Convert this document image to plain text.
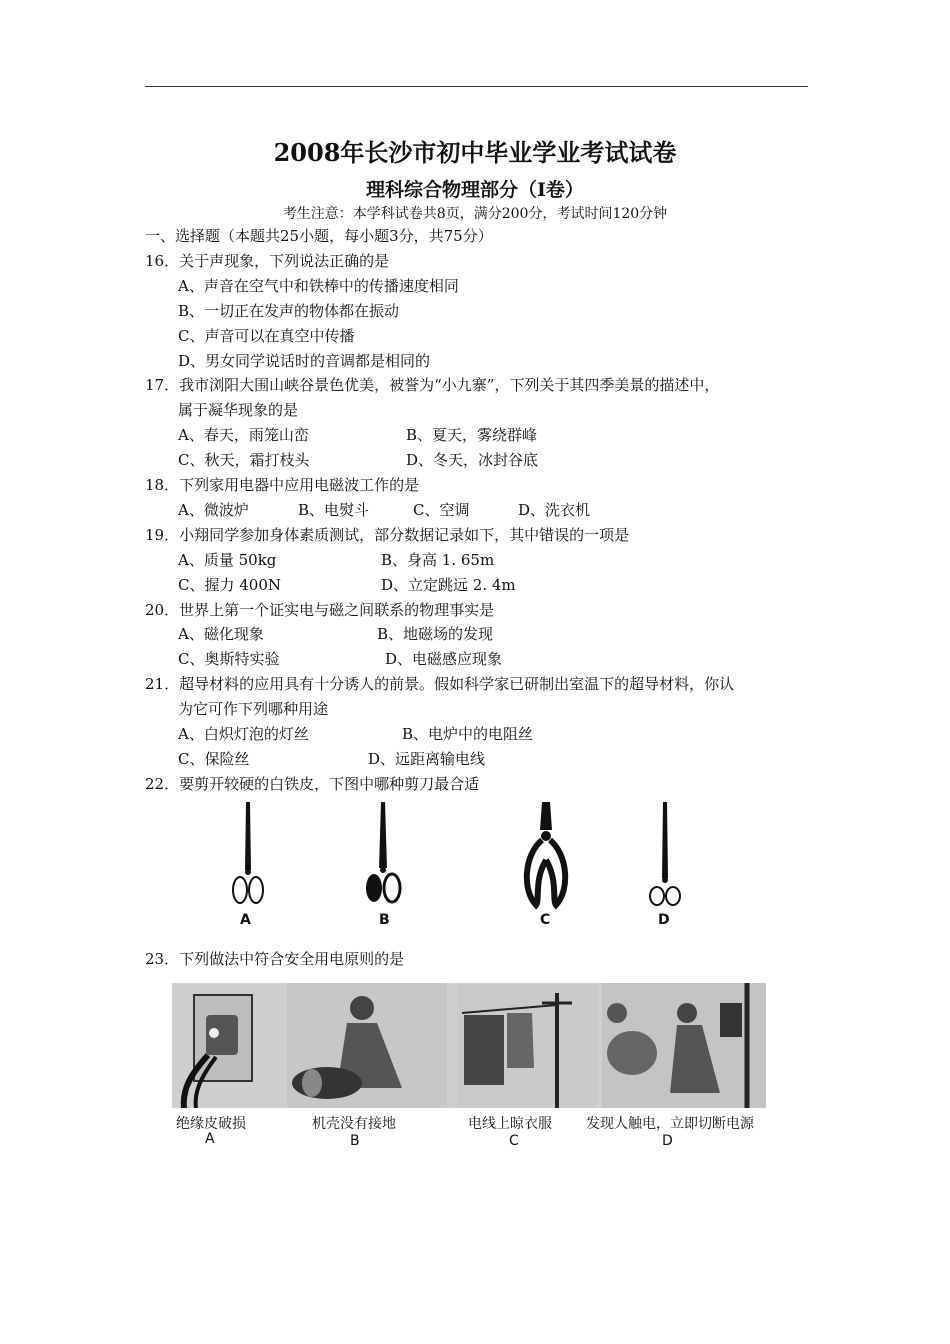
2008年长沙市初中毕业学业考试试卷
理科综合物理部分（Ⅰ卷）
考生注意：本学科试卷共8页，满分200分，考试时间120分钟
一、选择题（本题共25小题，每小题3分，共75分）
16．关于声现象，下列说法正确的是
A、声音在空气中和铁棒中的传播速度相同
B、一切正在发声的物体都在振动
C、声音可以在真空中传播
D、男女同学说话时的音调都是相同的
17．我市浏阳大围山峡谷景色优美，被誉为“小九寨”，下列关于其四季美景的描述中，
属于凝华现象的是
A、春天，雨笼山峦	B、夏天，雾绕群峰
C、秋天，霜打枝头	D、冬天，冰封谷底
18．下列家用电器中应用电磁波工作的是
A、微波炉	B、电熨斗	C、空调	D、洗衣机
19．小翔同学参加身体素质测试，部分数据记录如下，其中错误的一项是
A、质量 50kg	B、身高 1. 65m
C、握力 400N	D、立定跳远 2. 4m
20．世界上第一个证实电与磁之间联系的物理事实是
A、磁化现象	B、地磁场的发现
C、奥斯特实验	D、电磁感应现象
21．超导材料的应用具有十分诱人的前景。假如科学家已研制出室温下的超导材料，你认
为它可作下列哪种用途
A、白炽灯泡的灯丝	B、电炉中的电阻丝
C、保险丝	D、远距离输电线
22．要剪开较硬的白铁皮，下图中哪种剪刀最合适
A	B	C	D
23．下列做法中符合安全用电原则的是
绝缘皮破损	机壳没有接地	电线上晾衣服 发现人触电，立即切断电源
A	B	C	D
